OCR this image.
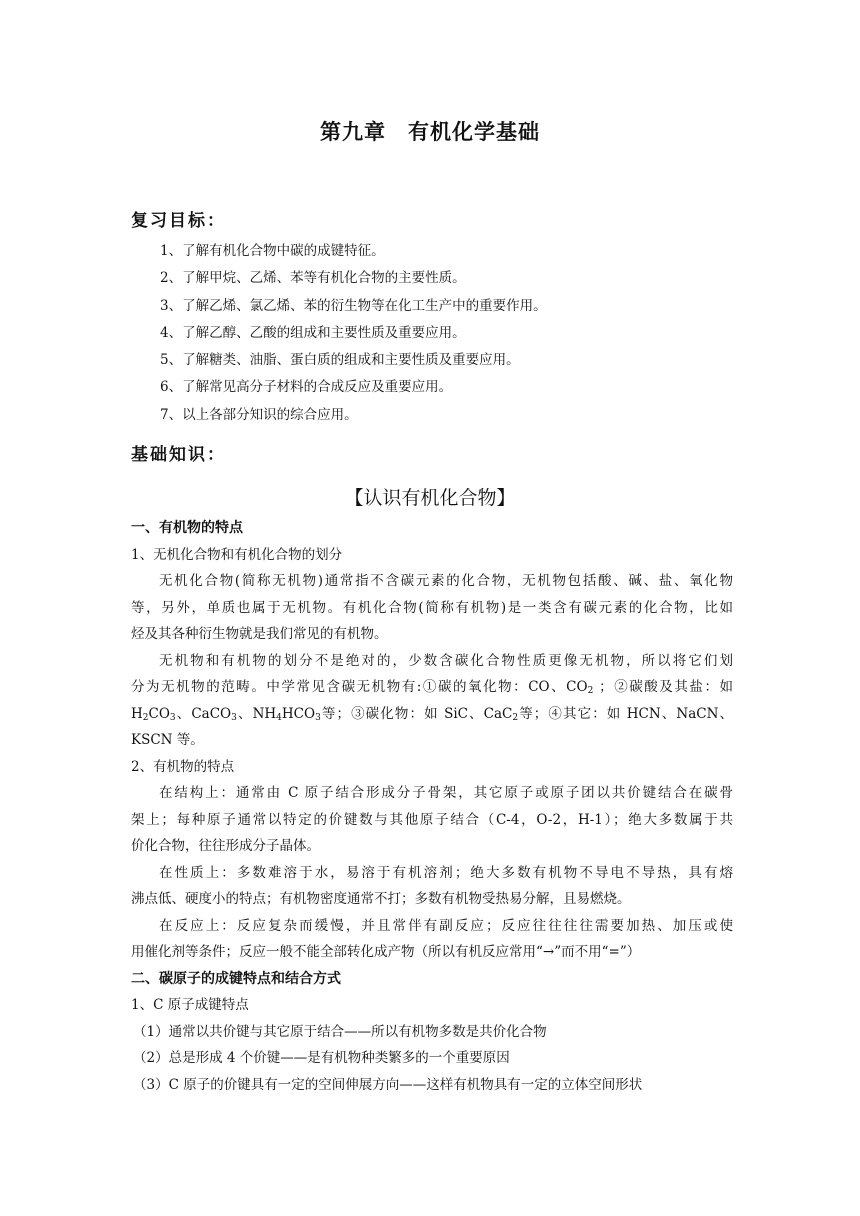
第九章　有机化学基础
复习目标：
1、了解有机化合物中碳的成键特征。
2、了解甲烷、乙烯、苯等有机化合物的主要性质。
3、了解乙烯、氯乙烯、苯的衍生物等在化工生产中的重要作用。
4、了解乙醇、乙酸的组成和主要性质及重要应用。
5、了解糖类、油脂、蛋白质的组成和主要性质及重要应用。
6、了解常见高分子材料的合成反应及重要应用。
7、以上各部分知识的综合应用。
基础知识：
【认识有机化合物】
一、有机物的特点
1、无机化合物和有机化合物的划分
无机化合物(简称无机物)通常指不含碳元素的化合物，无机物包括酸、碱、盐、氧化物
等，另外，单质也属于无机物。有机化合物(简称有机物)是一类含有碳元素的化合物，比如
烃及其各种衍生物就是我们常见的有机物。
无机物和有机物的划分不是绝对的，少数含碳化合物性质更像无机物，所以将它们划
分为无机物的范畴。中学常见含碳无机物有:①碳的氧化物：CO、$CO_2$ ；②碳酸及其盐：如
$H_2CO_3$、CaCO$_3$、$NH_4HCO_3$等；③碳化物：如 SiC、CaC$_2$等；④其它：如 HCN、NaCN、
KSCN 等。
2、有机物的特点
在结构上：通常由 C 原子结合形成分子骨架，其它原子或原子团以共价键结合在碳骨
架上；每种原子通常以特定的价键数与其他原子结合（C-4，O-2，H-1）；绝大多数属于共
价化合物，往往形成分子晶体。
在性质上：多数难溶于水，易溶于有机溶剂；绝大多数有机物不导电不导热，具有熔
沸点低、硬度小的特点；有机物密度通常不打；多数有机物受热易分解，且易燃烧。
在反应上：反应复杂而缓慢，并且常伴有副反应；反应往往往往需要加热、加压或使
用催化剂等条件；反应一般不能全部转化成产物（所以有机反应常用“→”而不用“=”）
二、碳原子的成键特点和结合方式
1、C 原子成键特点
（1）通常以共价键与其它原于结合——所以有机物多数是共价化合物
（2）总是形成 4 个价键——是有机物种类繁多的一个重要原因
（3）C 原子的价键具有一定的空间伸展方向——这样有机物具有一定的立体空间形状
